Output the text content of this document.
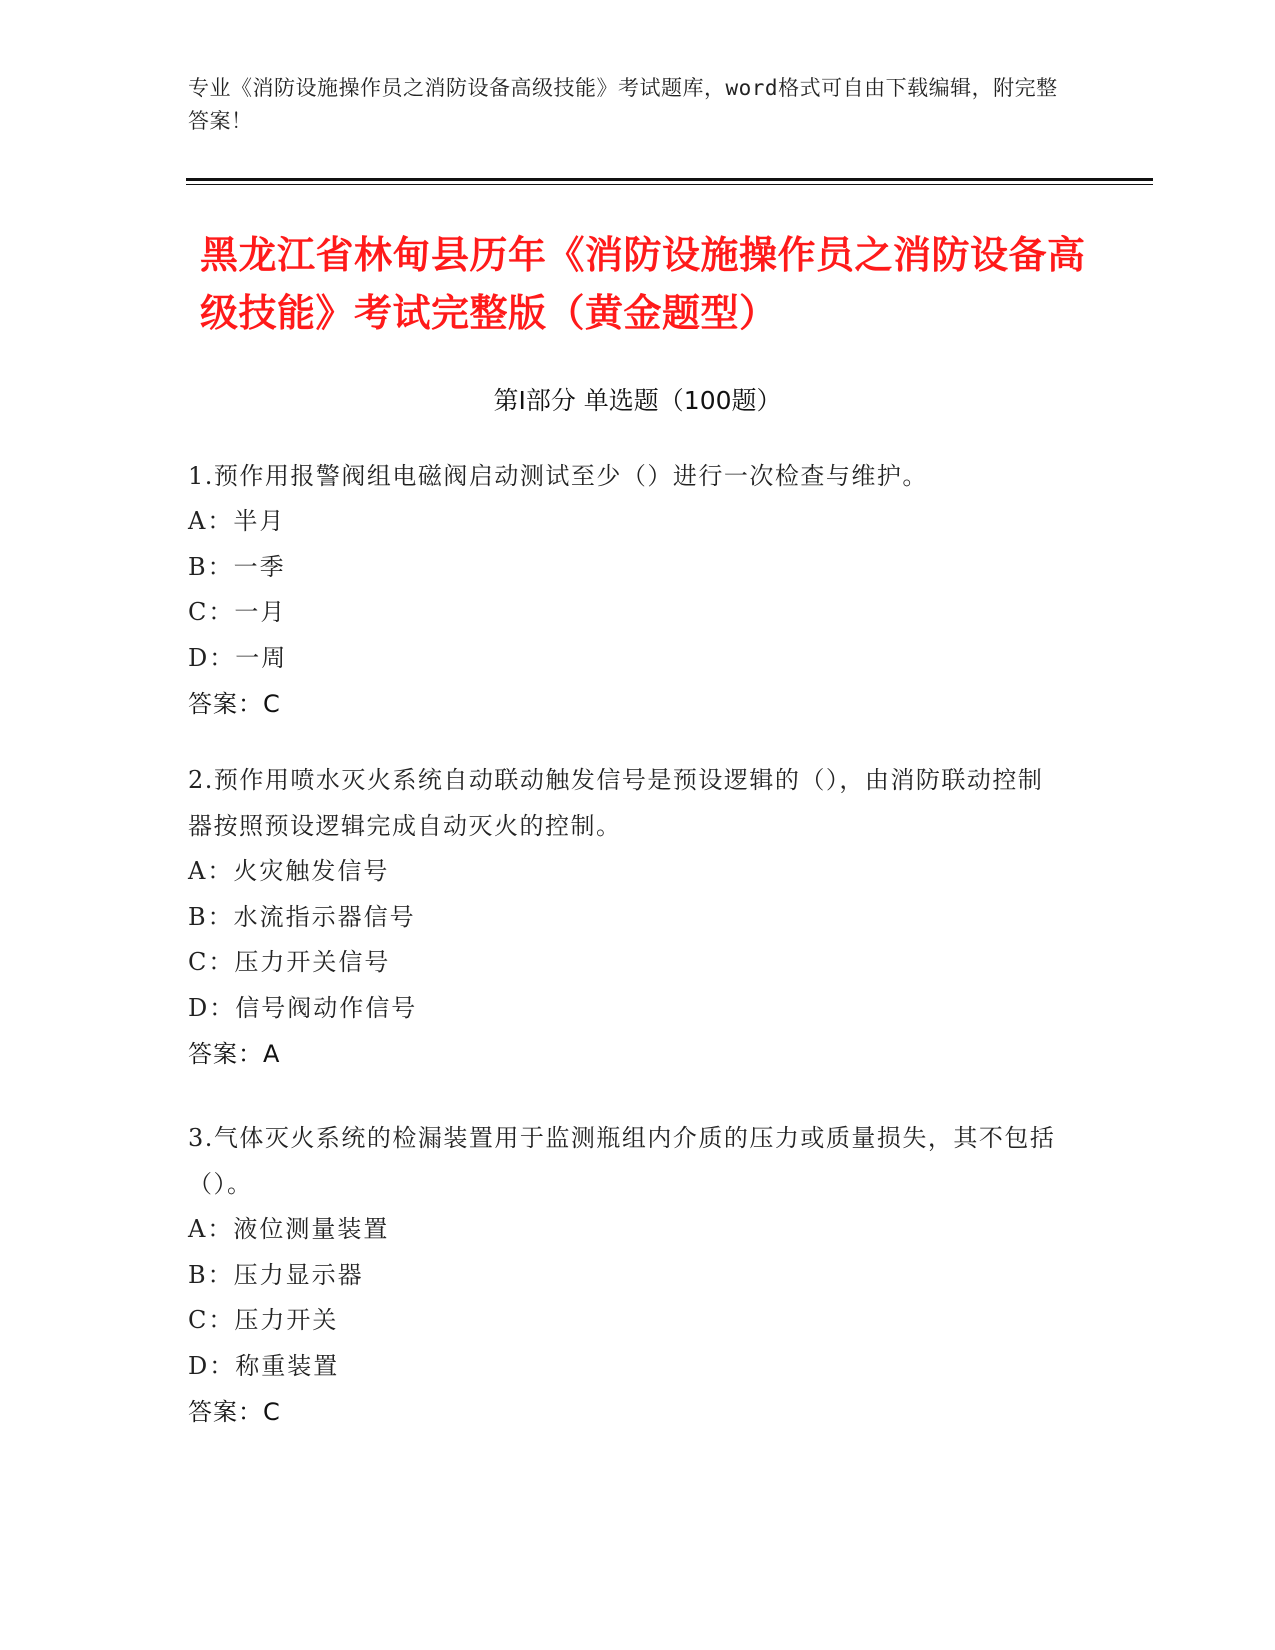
专业《消防设施操作员之消防设备高级技能》考试题库，word格式可自由下载编辑，附完整答案！
黑龙江省林甸县历年《消防设施操作员之消防设备高级技能》考试完整版（黄金题型）
第Ⅰ部分 单选题（100题）
1.预作用报警阀组电磁阀启动测试至少（）进行一次检查与维护。
A：半月
B：一季
C：一月
D：一周
答案：C
2.预作用喷水灭火系统自动联动触发信号是预设逻辑的（），由消防联动控制器按照预设逻辑完成自动灭火的控制。
A：火灾触发信号
B：水流指示器信号
C：压力开关信号
D：信号阀动作信号
答案：A
3.气体灭火系统的检漏装置用于监测瓶组内介质的压力或质量损失，其不包括（）。
A：液位测量装置
B：压力显示器
C：压力开关
D：称重装置
答案：C
